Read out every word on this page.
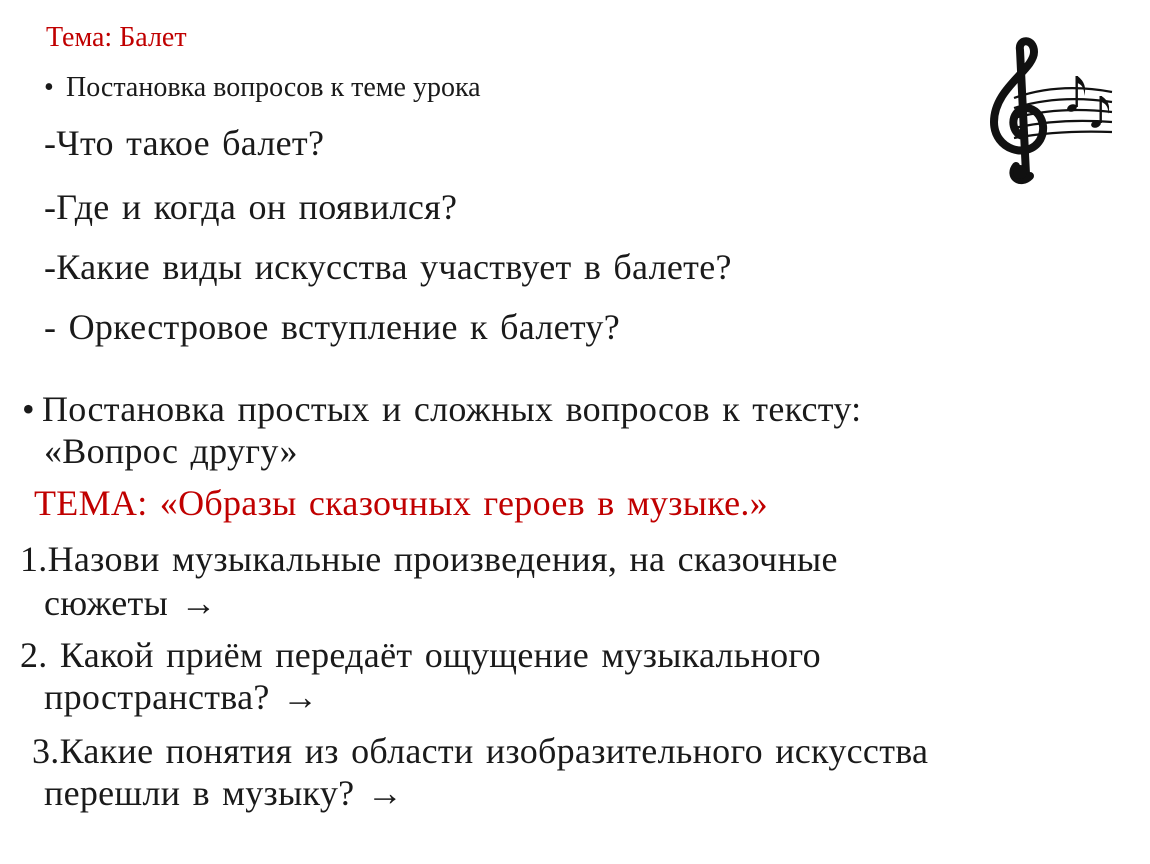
Тема: Балет
• Постановка вопросов к теме урока
-Что такое балет?
-Где и когда он появился?
-Какие виды искусства участвует в балете?
- Оркестровое вступление к балету?
• Постановка простых и сложных вопросов к тексту:
«Вопрос другу»
ТЕМА: «Образы сказочных героев в музыке.»
1.Назови музыкальные произведения, на сказочные
сюжеты →
2. Какой приём передаёт ощущение музыкального
пространства? →
3.Какие понятия из области изобразительного искусства
перешли в музыку? →
